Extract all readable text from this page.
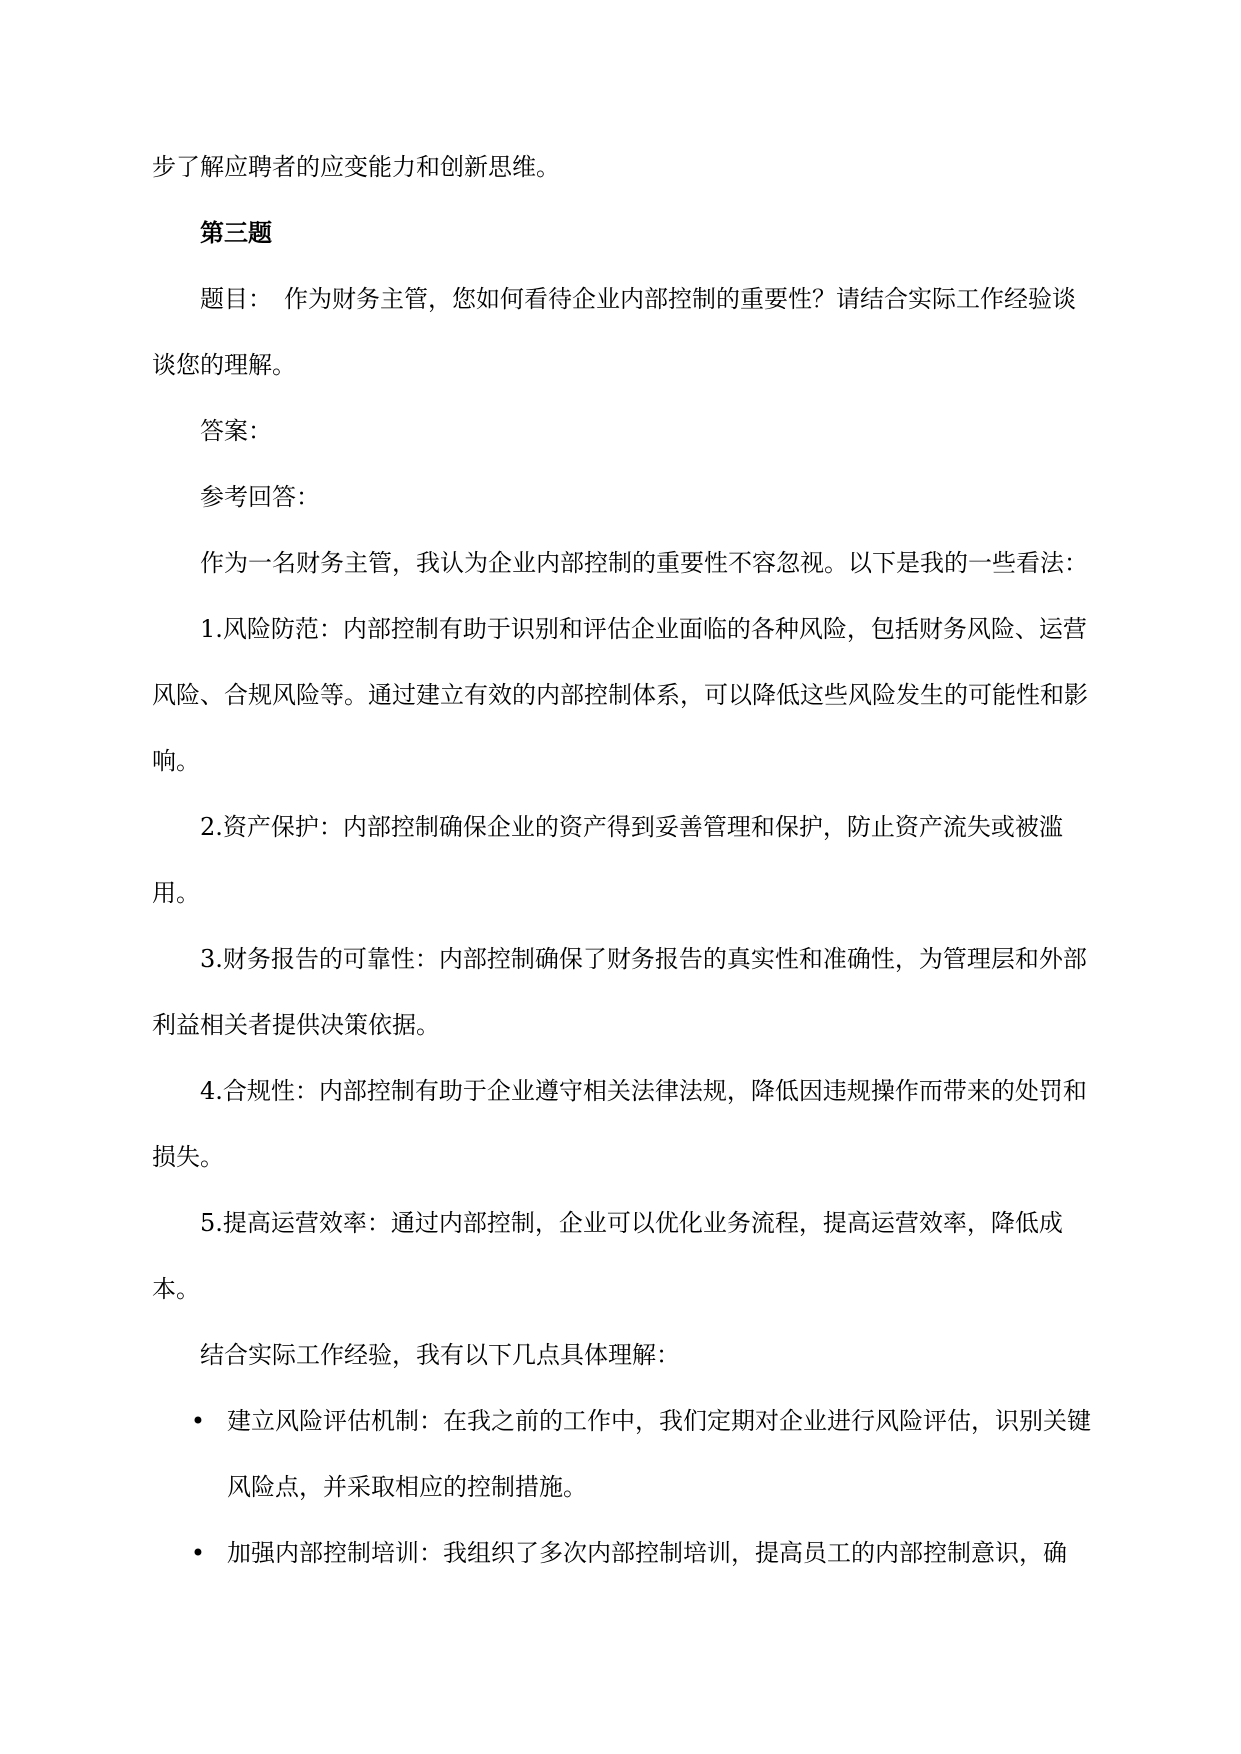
步了解应聘者的应变能力和创新思维。

第三题

题目：　作为财务主管，您如何看待企业内部控制的重要性？请结合实际工作经验谈谈您的理解。

答案：

参考回答：

作为一名财务主管，我认为企业内部控制的重要性不容忽视。以下是我的一些看法：

1.风险防范：内部控制有助于识别和评估企业面临的各种风险，包括财务风险、运营风险、合规风险等。通过建立有效的内部控制体系，可以降低这些风险发生的可能性和影响。

2.资产保护：内部控制确保企业的资产得到妥善管理和保护，防止资产流失或被滥用。

3.财务报告的可靠性：内部控制确保了财务报告的真实性和准确性，为管理层和外部利益相关者提供决策依据。

4.合规性：内部控制有助于企业遵守相关法律法规，降低因违规操作而带来的处罚和损失。

5.提高运营效率：通过内部控制，企业可以优化业务流程，提高运营效率，降低成本。

结合实际工作经验，我有以下几点具体理解：

• 建立风险评估机制：在我之前的工作中，我们定期对企业进行风险评估，识别关键风险点，并采取相应的控制措施。
• 加强内部控制培训：我组织了多次内部控制培训，提高员工的内部控制意识，确
